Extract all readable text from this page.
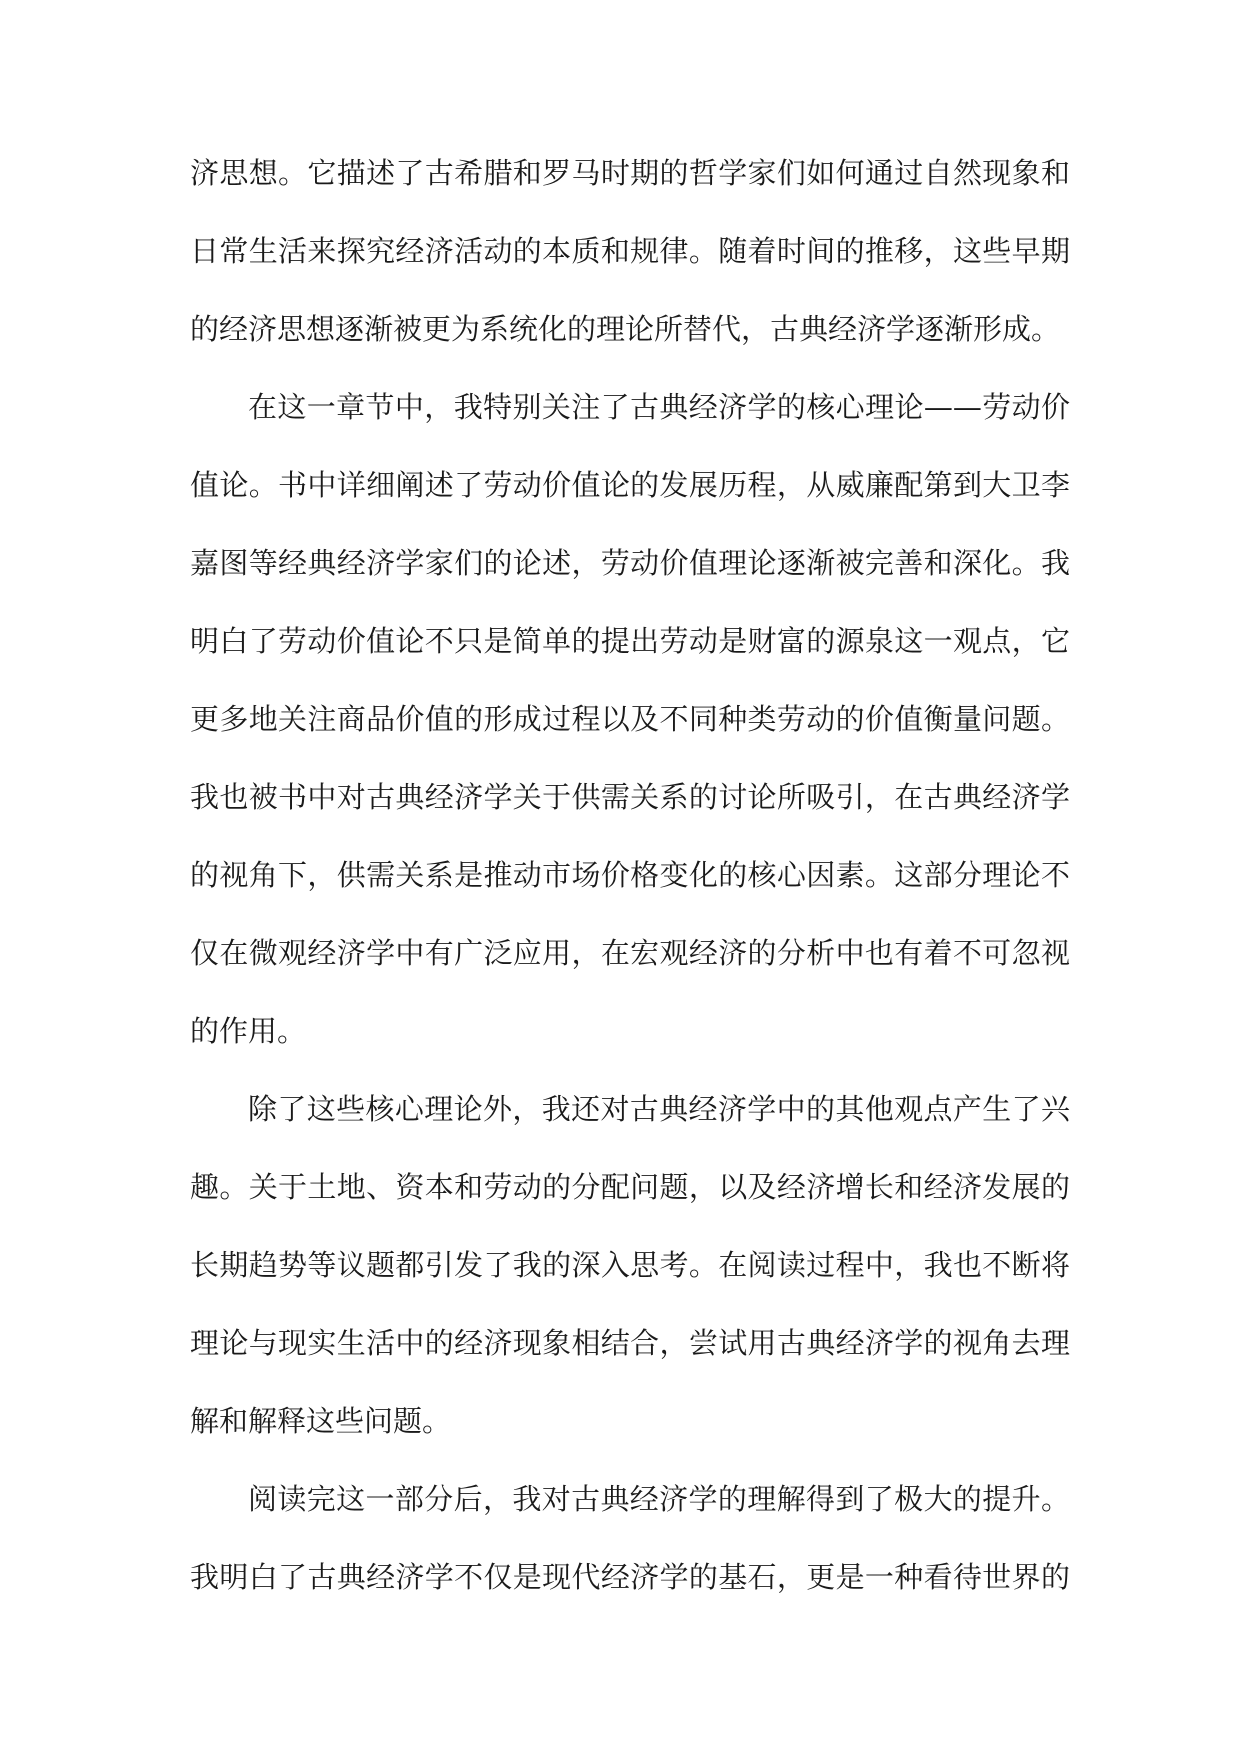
济思想。它描述了古希腊和罗马时期的哲学家们如何通过自然现象和
日常生活来探究经济活动的本质和规律。随着时间的推移，这些早期
的经济思想逐渐被更为系统化的理论所替代，古典经济学逐渐形成。
在这一章节中，我特别关注了古典经济学的核心理论——劳动价
值论。书中详细阐述了劳动价值论的发展历程，从威廉配第到大卫李
嘉图等经典经济学家们的论述，劳动价值理论逐渐被完善和深化。我
明白了劳动价值论不只是简单的提出劳动是财富的源泉这一观点，它
更多地关注商品价值的形成过程以及不同种类劳动的价值衡量问题。
我也被书中对古典经济学关于供需关系的讨论所吸引，在古典经济学
的视角下，供需关系是推动市场价格变化的核心因素。这部分理论不
仅在微观经济学中有广泛应用，在宏观经济的分析中也有着不可忽视
的作用。
除了这些核心理论外，我还对古典经济学中的其他观点产生了兴
趣。关于土地、资本和劳动的分配问题，以及经济增长和经济发展的
长期趋势等议题都引发了我的深入思考。在阅读过程中，我也不断将
理论与现实生活中的经济现象相结合，尝试用古典经济学的视角去理
解和解释这些问题。
阅读完这一部分后，我对古典经济学的理解得到了极大的提升。
我明白了古典经济学不仅是现代经济学的基石，更是一种看待世界的
